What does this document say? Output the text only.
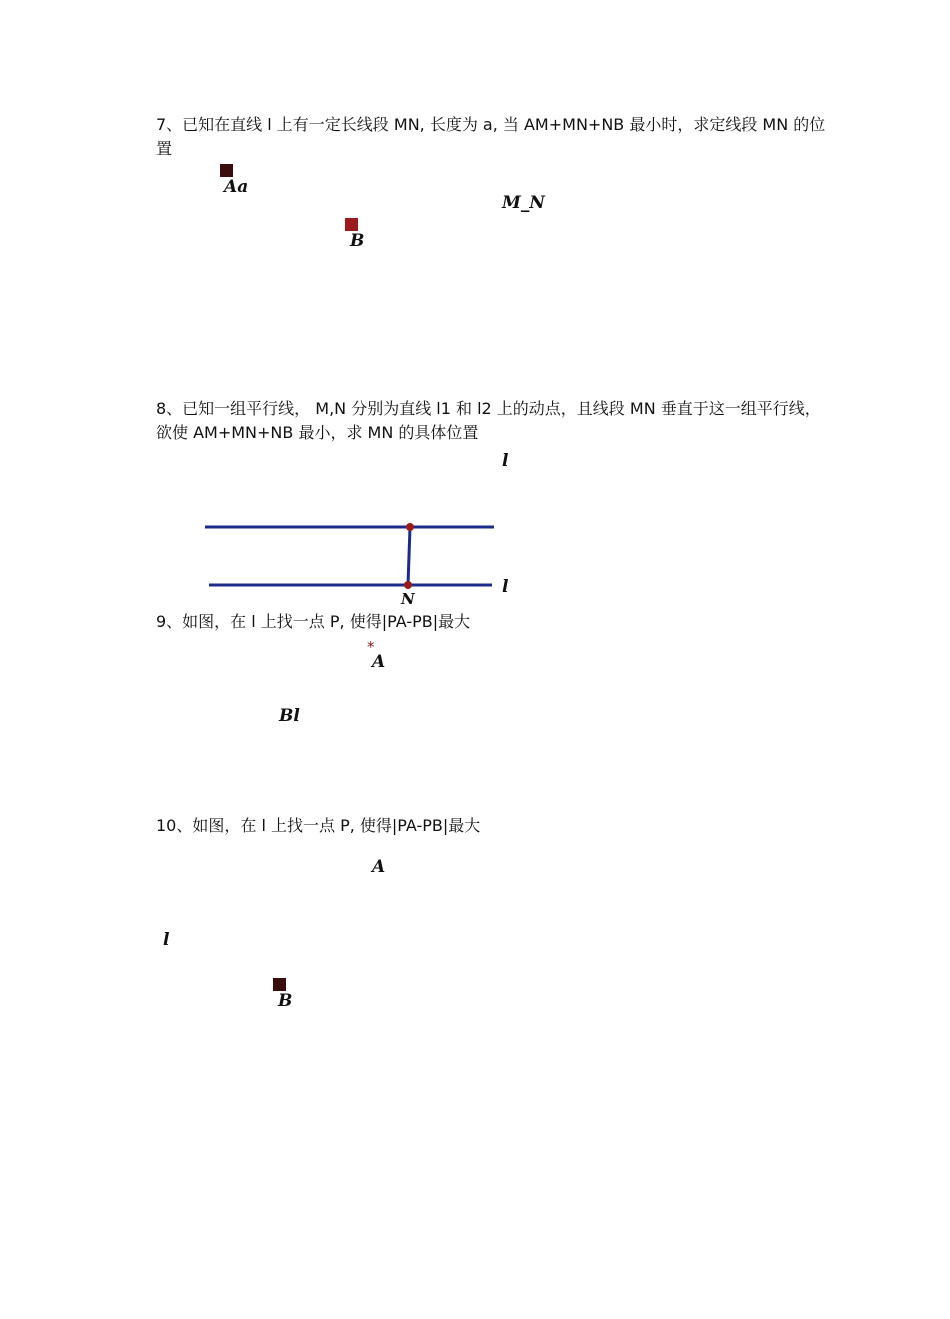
7、已知在直线 l 上有一定长线段 MN, 长度为 a, 当 AM+MN+NB 最小时，求定线段 MN 的位
置
Aa
M_N
B
8、已知一组平行线， M,N 分别为直线 l1 和 l2 上的动点，且线段 MN 垂直于这一组平行线，
欲使 AM+MN+NB 最小，求 MN 的具体位置
l
l
N
9、如图，在 l 上找一点 P, 使得|PA-PB|最大
*
A
Bl
10、如图，在 l 上找一点 P, 使得|PA-PB|最大
A
l
B
